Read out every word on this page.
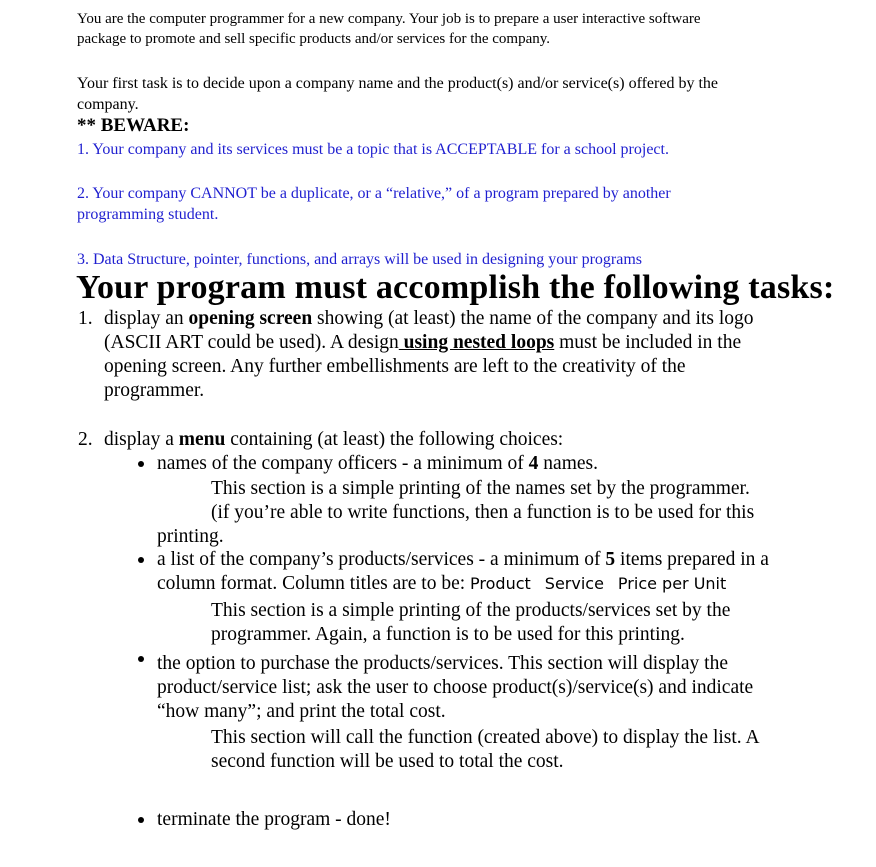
You are the computer programmer for a new company. Your job is to prepare a user interactive software
package to promote and sell specific products and/or services for the company.
Your first task is to decide upon a company name and the product(s) and/or service(s) offered by the
company.
** BEWARE:
1. Your company and its services must be a topic that is ACCEPTABLE for a school project.
2. Your company CANNOT be a duplicate, or a “relative,” of a program prepared by another
programming student.
3. Data Structure, pointer, functions, and arrays will be used in designing your programs
Your program must accomplish the following tasks:
1. display an opening screen showing (at least) the name of the company and its logo
(ASCII ART could be used). A design using nested loops must be included in the
opening screen. Any further embellishments are left to the creativity of the
programmer.
2. display a menu containing (at least) the following choices:
names of the company officers - a minimum of 4 names.
This section is a simple printing of the names set by the programmer.
(if you’re able to write functions, then a function is to be used for this
printing.
a list of the company’s products/services - a minimum of 5 items prepared in a
column format. Column titles are to be: Product Service Price per Unit
This section is a simple printing of the products/services set by the
programmer. Again, a function is to be used for this printing.
the option to purchase the products/services. This section will display the
product/service list; ask the user to choose product(s)/service(s) and indicate
“how many”; and print the total cost.
This section will call the function (created above) to display the list. A
second function will be used to total the cost.
terminate the program - done!
